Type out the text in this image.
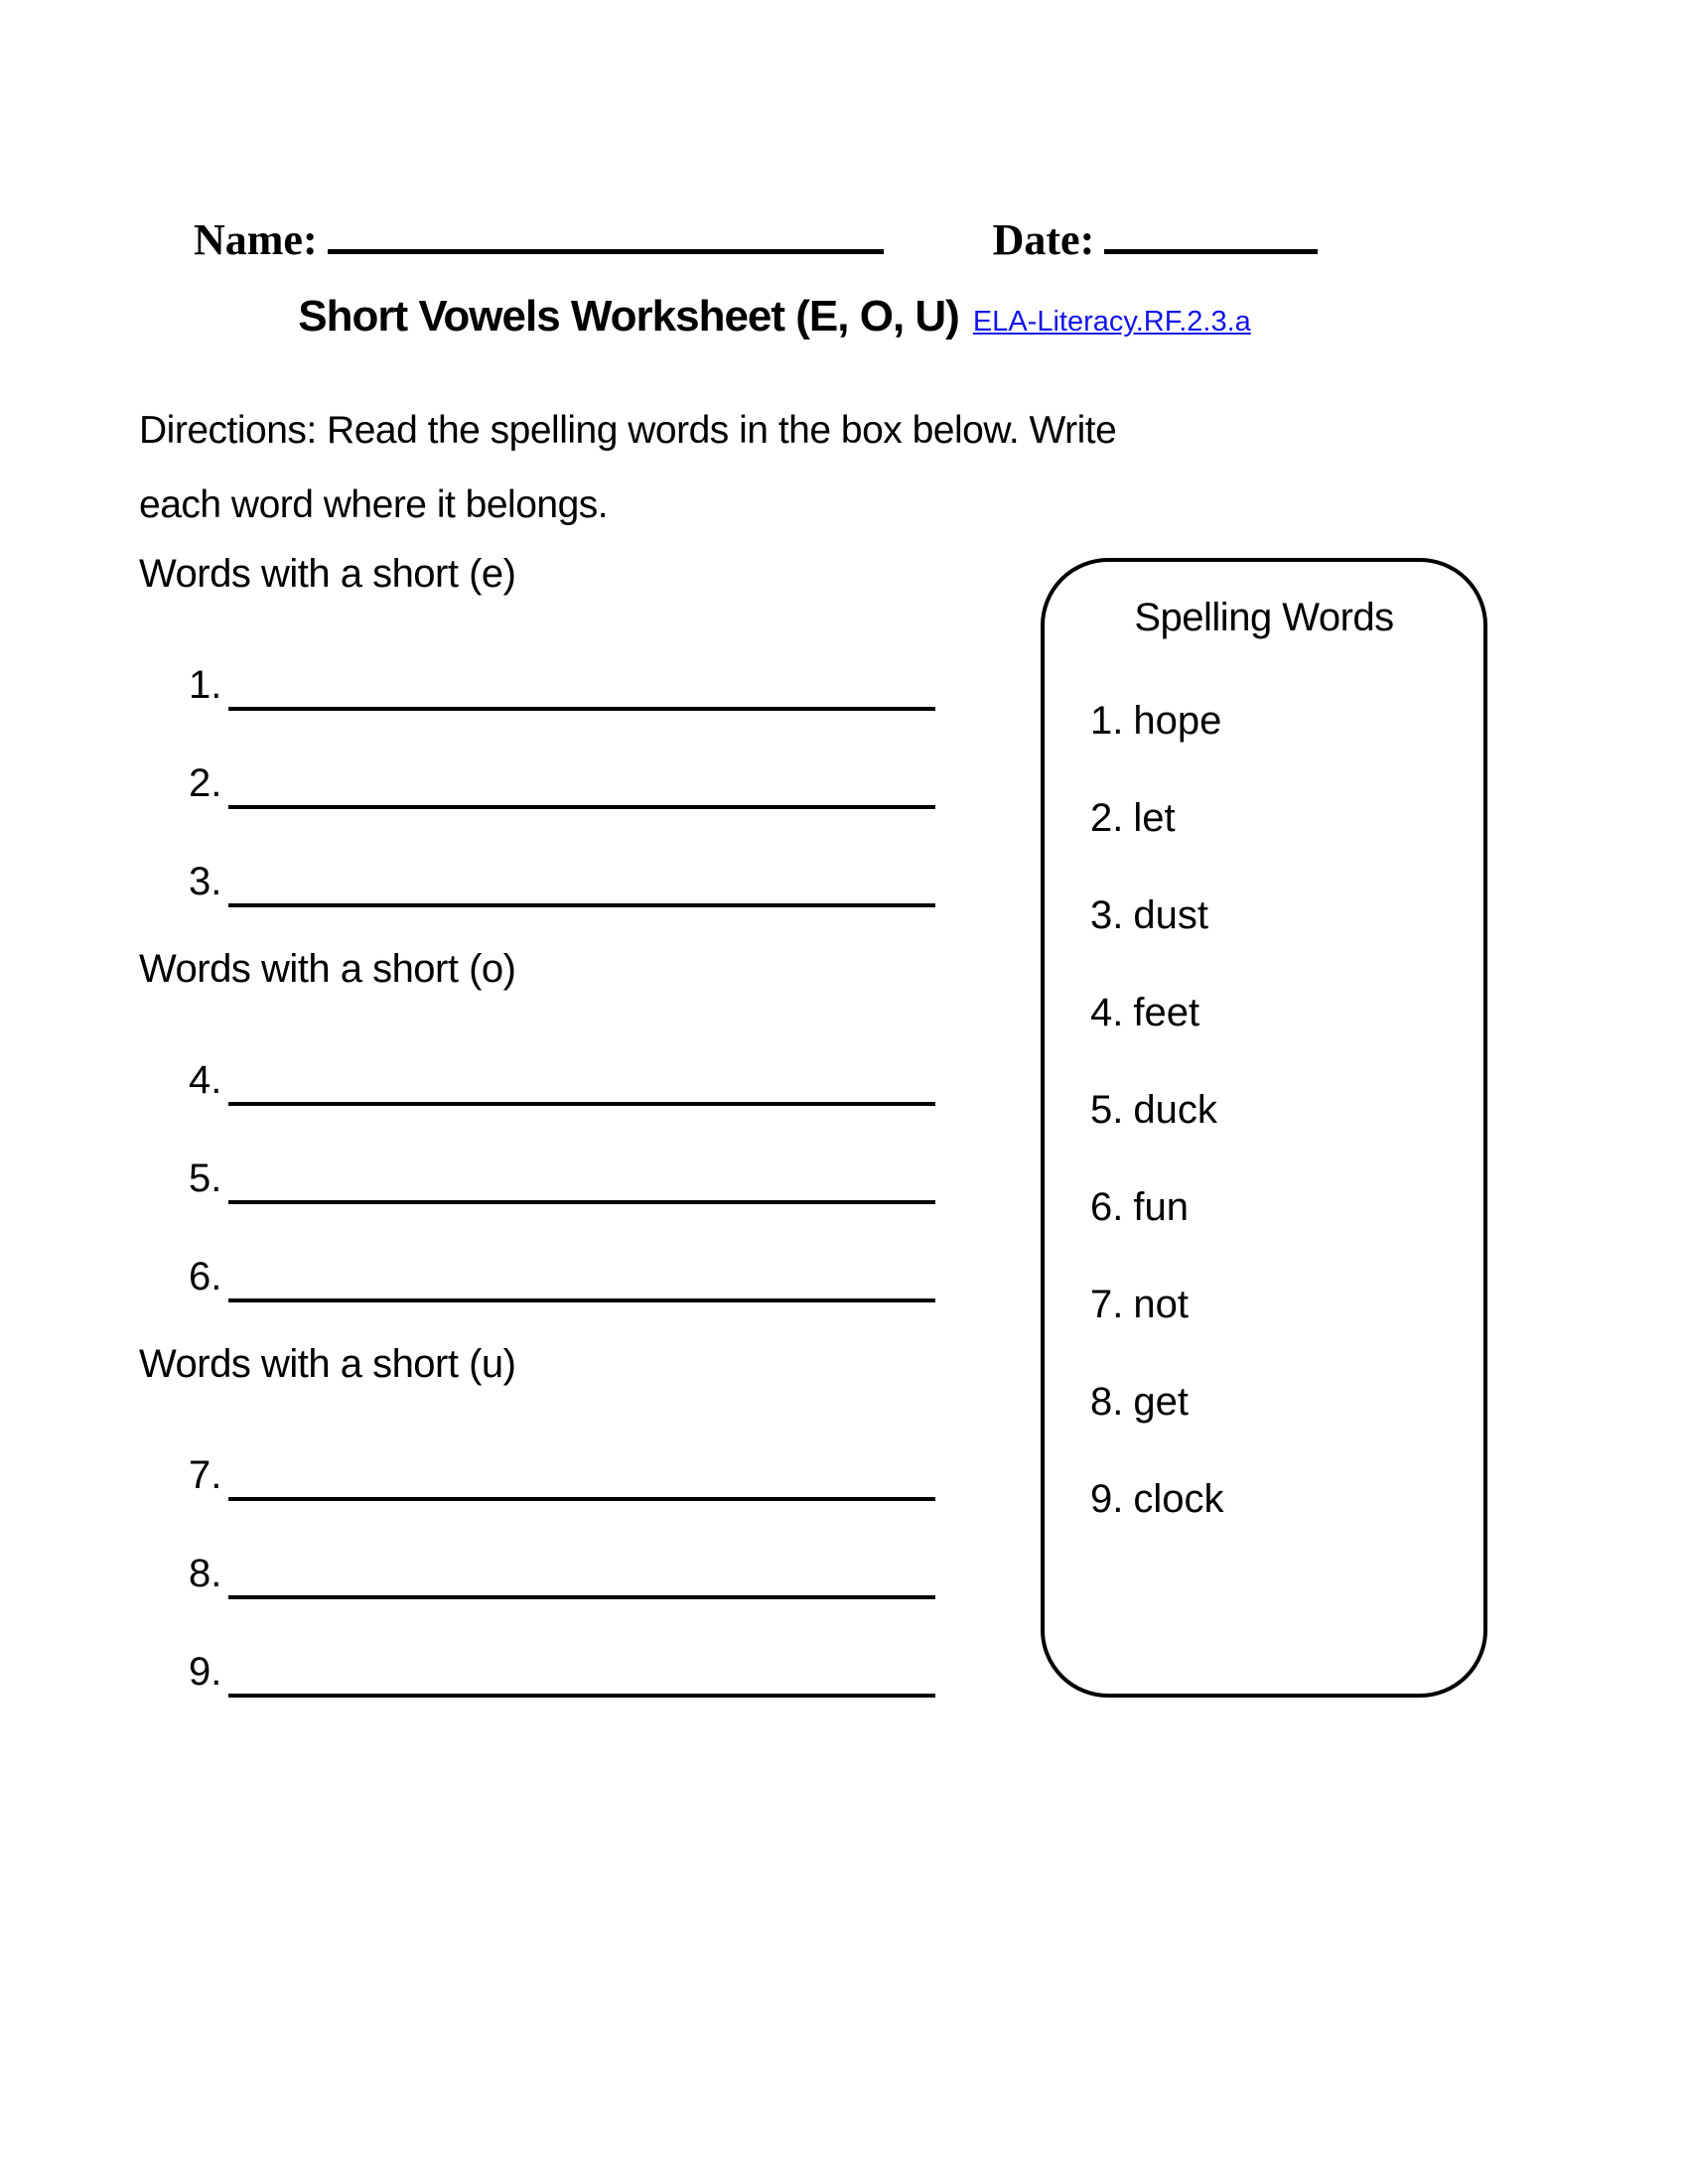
Name:	Date:
Short Vowels Worksheet (E, O, U) ELA-Literacy.RF.2.3.a
Directions: Read the spelling words in the box below. Write
each word where it belongs.
Words with a short (e)
1.
2.
3.
Words with a short (o)
4.
5.
6.
Words with a short (u)
7.
8.
9.
Spelling Words
1. hope
2. let
3. dust
4. feet
5. duck
6. fun
7. not
8. get
9. clock
